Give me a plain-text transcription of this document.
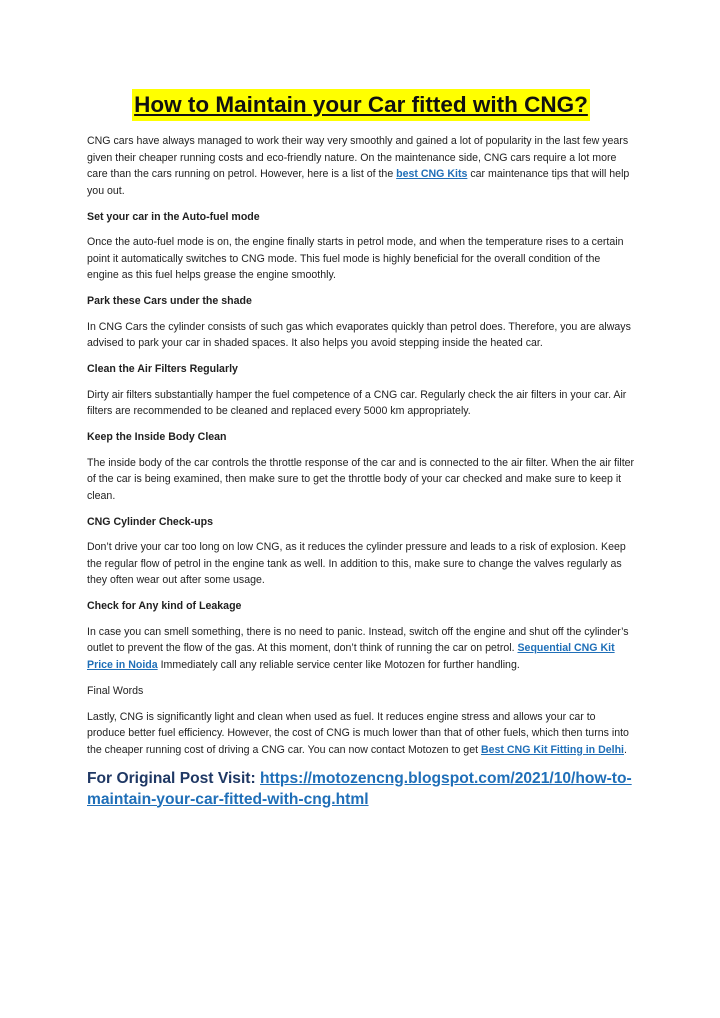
How to Maintain your Car fitted with CNG?

CNG cars have always managed to work their way very smoothly and gained a lot of popularity in the last few years given their cheaper running costs and eco-friendly nature. On the maintenance side, CNG cars require a lot more care than the cars running on petrol. However, here is a list of the best CNG Kits car maintenance tips that will help you out.

Set your car in the Auto-fuel mode

Once the auto-fuel mode is on, the engine finally starts in petrol mode, and when the temperature rises to a certain point it automatically switches to CNG mode. This fuel mode is highly beneficial for the overall condition of the engine as this fuel helps grease the engine smoothly.

Park these Cars under the shade

In CNG Cars the cylinder consists of such gas which evaporates quickly than petrol does. Therefore, you are always advised to park your car in shaded spaces. It also helps you avoid stepping inside the heated car.

Clean the Air Filters Regularly

Dirty air filters substantially hamper the fuel competence of a CNG car. Regularly check the air filters in your car. Air filters are recommended to be cleaned and replaced every 5000 km appropriately.

Keep the Inside Body Clean

The inside body of the car controls the throttle response of the car and is connected to the air filter. When the air filter of the car is being examined, then make sure to get the throttle body of your car checked and make sure to keep it clean.

CNG Cylinder Check-ups

Don’t drive your car too long on low CNG, as it reduces the cylinder pressure and leads to a risk of explosion. Keep the regular flow of petrol in the engine tank as well. In addition to this, make sure to change the valves regularly as they often wear out after some usage.

Check for Any kind of Leakage

In case you can smell something, there is no need to panic. Instead, switch off the engine and shut off the cylinder’s outlet to prevent the flow of the gas. At this moment, don’t think of running the car on petrol. Sequential CNG Kit Price in Noida Immediately call any reliable service center like Motozen for further handling.

Final Words

Lastly, CNG is significantly light and clean when used as fuel. It reduces engine stress and allows your car to produce better fuel efficiency. However, the cost of CNG is much lower than that of other fuels, which then turns into the cheaper running cost of driving a CNG car. You can now contact Motozen to get Best CNG Kit Fitting in Delhi.

For Original Post Visit: https://motozencng.blogspot.com/2021/10/how-to-maintain-your-car-fitted-with-cng.html
